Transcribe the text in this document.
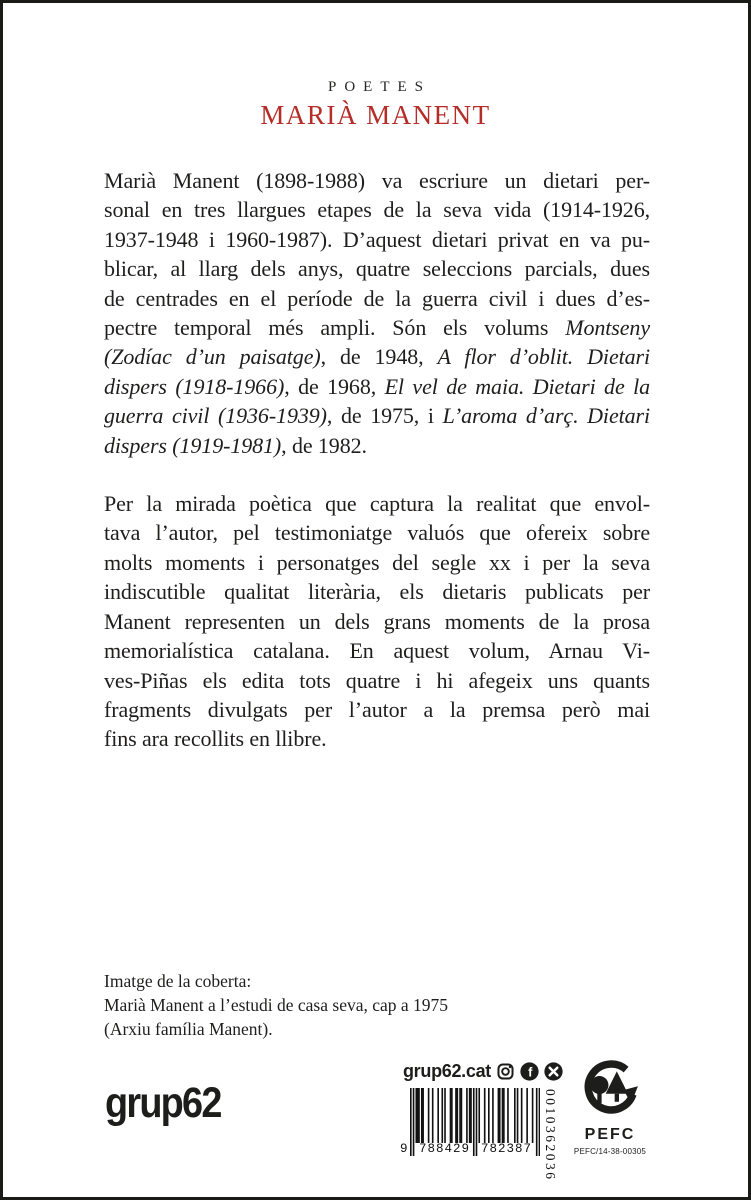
POETES
MARIÀ MANENT
Marià Manent (1898-1988) va escriure un dietari per-
sonal en tres llargues etapes de la seva vida (1914-1926,
1937-1948 i 1960-1987). D’aquest dietari privat en va pu-
blicar, al llarg dels anys, quatre seleccions parcials, dues
de centrades en el període de la guerra civil i dues d’es-
pectre temporal més ampli. Són els volums Montseny
(Zodíac d’un paisatge), de 1948, A flor d’oblit. Dietari
dispers (1918-1966), de 1968, El vel de maia. Dietari de la
guerra civil (1936-1939), de 1975, i L’aroma d’arç. Dietari
dispers (1919-1981), de 1982.
Per la mirada poètica que captura la realitat que envol-
tava l’autor, pel testimoniatge valuós que ofereix sobre
molts moments i personatges del segle xx i per la seva
indiscutible qualitat literària, els dietaris publicats per
Manent representen un dels grans moments de la prosa
memorialística catalana. En aquest volum, Arnau Vi-
ves-Piñas els edita tots quatre i hi afegeix uns quants
fragments divulgats per l’autor a la premsa però mai
fins ara recollits en llibre.
Imatge de la coberta:
Marià Manent a l’estudi de casa seva, cap a 1975
(Arxiu família Manent).
grup62
grup62.cat	f
9 788429 782387 0010362036	PEFC
PEFC/14-38-00305
